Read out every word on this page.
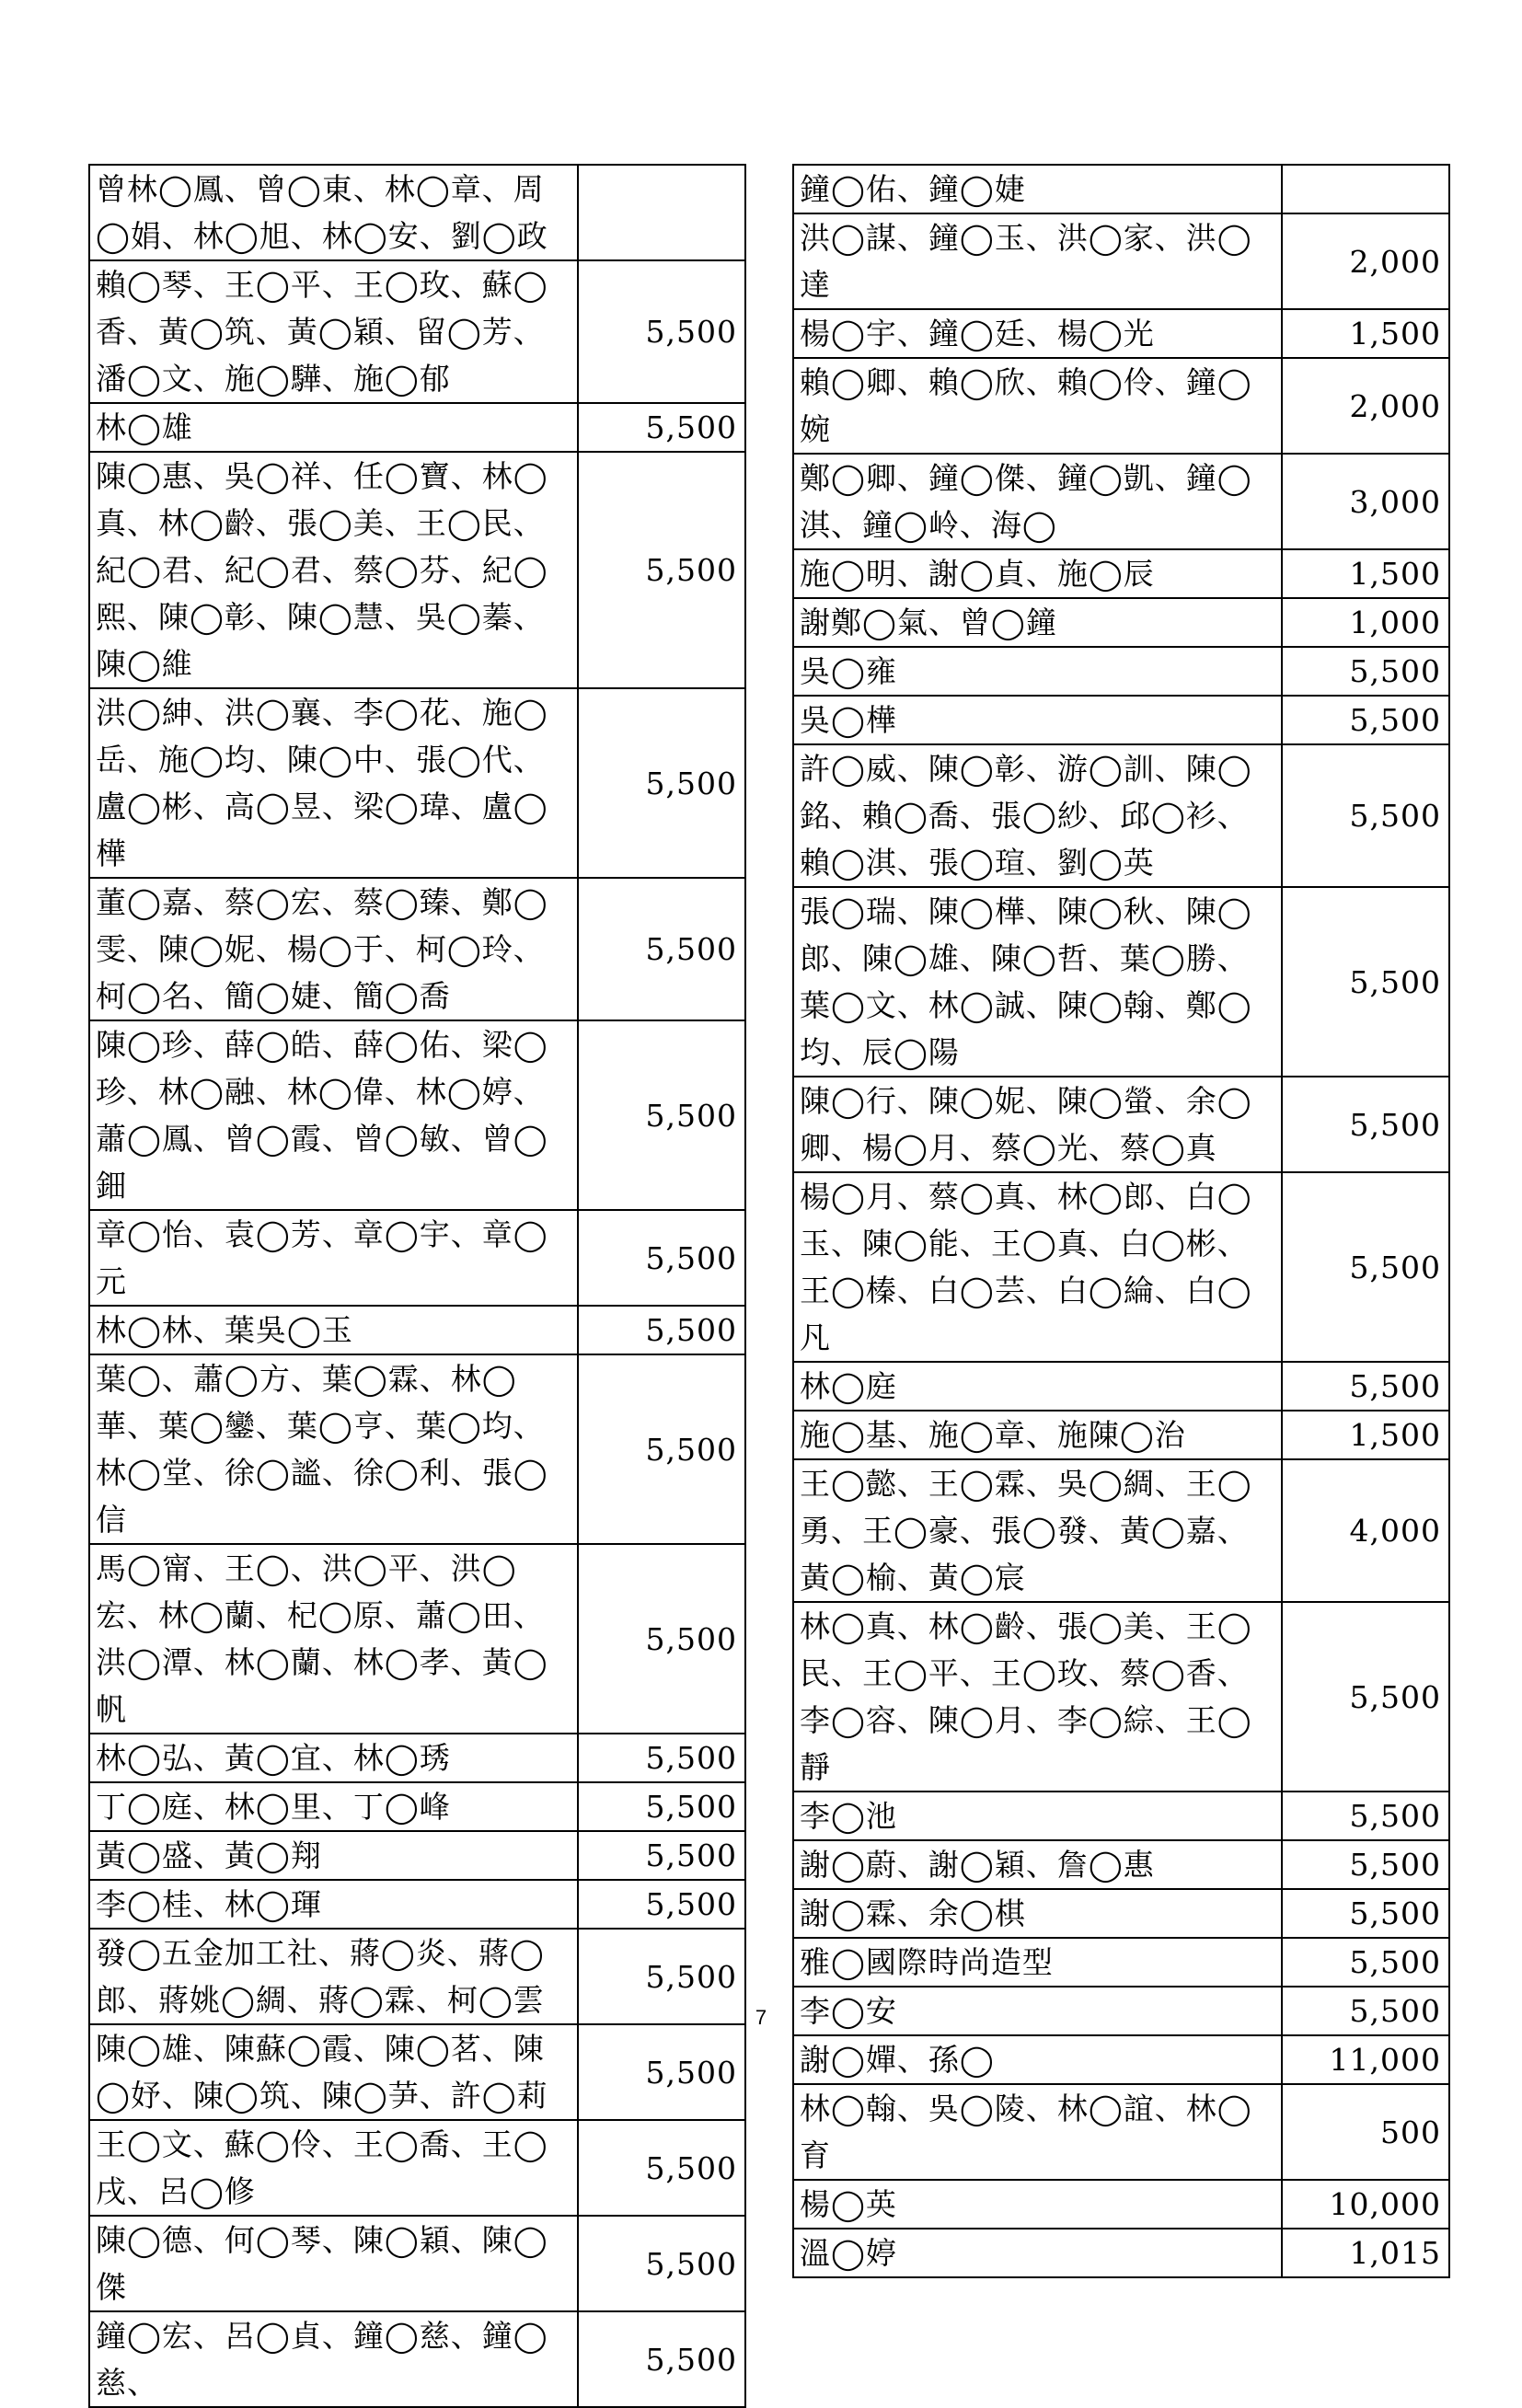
曾林◯鳳、曾◯東、林◯章、周◯娟、林◯旭、林◯安、劉◯政	
賴◯琴、王◯平、王◯玫、蘇◯香、黃◯筑、黃◯穎、留◯芳、潘◯文、施◯驊、施◯郁	5,500
林◯雄	5,500
陳◯惠、吳◯祥、任◯寶、林◯真、林◯齡、張◯美、王◯民、紀◯君、紀◯君、蔡◯芬、紀◯熙、陳◯彰、陳◯慧、吳◯蓁、陳◯維	5,500
洪◯紳、洪◯襄、李◯花、施◯岳、施◯均、陳◯中、張◯代、盧◯彬、高◯昱、梁◯瑋、盧◯樺	5,500
董◯嘉、蔡◯宏、蔡◯臻、鄭◯雯、陳◯妮、楊◯于、柯◯玲、柯◯名、簡◯婕、簡◯喬	5,500
陳◯珍、薛◯皓、薛◯佑、梁◯珍、林◯融、林◯偉、林◯婷、蕭◯鳳、曾◯霞、曾◯敏、曾◯鈿	5,500
章◯怡、袁◯芳、章◯宇、章◯元	5,500
林◯林、葉吳◯玉	5,500
葉◯、蕭◯方、葉◯霖、林◯華、葉◯鑾、葉◯亨、葉◯均、林◯堂、徐◯謐、徐◯利、張◯信	5,500
馬◯甯、王◯、洪◯平、洪◯宏、林◯蘭、杞◯原、蕭◯田、洪◯潭、林◯蘭、林◯孝、黃◯帆	5,500
林◯弘、黃◯宜、林◯琇	5,500
丁◯庭、林◯里、丁◯峰	5,500
黃◯盛、黃◯翔	5,500
李◯桂、林◯琿	5,500
發◯五金加工社、蔣◯炎、蔣◯郎、蔣姚◯綢、蔣◯霖、柯◯雲	5,500
陳◯雄、陳蘇◯霞、陳◯茗、陳◯妤、陳◯筑、陳◯芛、許◯莉	5,500
王◯文、蘇◯伶、王◯喬、王◯戌、呂◯修	5,500
陳◯德、何◯琴、陳◯穎、陳◯傑	5,500
鐘◯宏、呂◯貞、鐘◯慈、鐘◯慈、	5,500
鐘◯佑、鐘◯婕	
洪◯謀、鐘◯玉、洪◯家、洪◯達	2,000
楊◯宇、鐘◯廷、楊◯光	1,500
賴◯卿、賴◯欣、賴◯伶、鐘◯婉	2,000
鄭◯卿、鐘◯傑、鐘◯凱、鐘◯淇、鐘◯岭、海◯	3,000
施◯明、謝◯貞、施◯辰	1,500
謝鄭◯氣、曾◯鐘	1,000
吳◯雍	5,500
吳◯樺	5,500
許◯威、陳◯彰、游◯訓、陳◯銘、賴◯喬、張◯紗、邱◯衫、賴◯淇、張◯瑄、劉◯英	5,500
張◯瑞、陳◯樺、陳◯秋、陳◯郎、陳◯雄、陳◯哲、葉◯勝、葉◯文、林◯誠、陳◯翰、鄭◯均、辰◯陽	5,500
陳◯行、陳◯妮、陳◯螢、余◯卿、楊◯月、蔡◯光、蔡◯真	5,500
楊◯月、蔡◯真、林◯郎、白◯玉、陳◯能、王◯真、白◯彬、王◯榛、白◯芸、白◯綸、白◯凡	5,500
林◯庭	5,500
施◯基、施◯章、施陳◯治	1,500
王◯懿、王◯霖、吳◯綢、王◯勇、王◯豪、張◯發、黃◯嘉、黃◯榆、黃◯宸	4,000
林◯真、林◯齡、張◯美、王◯民、王◯平、王◯玫、蔡◯香、李◯容、陳◯月、李◯綜、王◯靜	5,500
李◯池	5,500
謝◯蔚、謝◯穎、詹◯惠	5,500
謝◯霖、余◯棋	5,500
雅◯國際時尚造型	5,500
李◯安	5,500
謝◯嬋、孫◯	11,000
林◯翰、吳◯陵、林◯誼、林◯育	500
楊◯英	10,000
溫◯婷	1,015
7
